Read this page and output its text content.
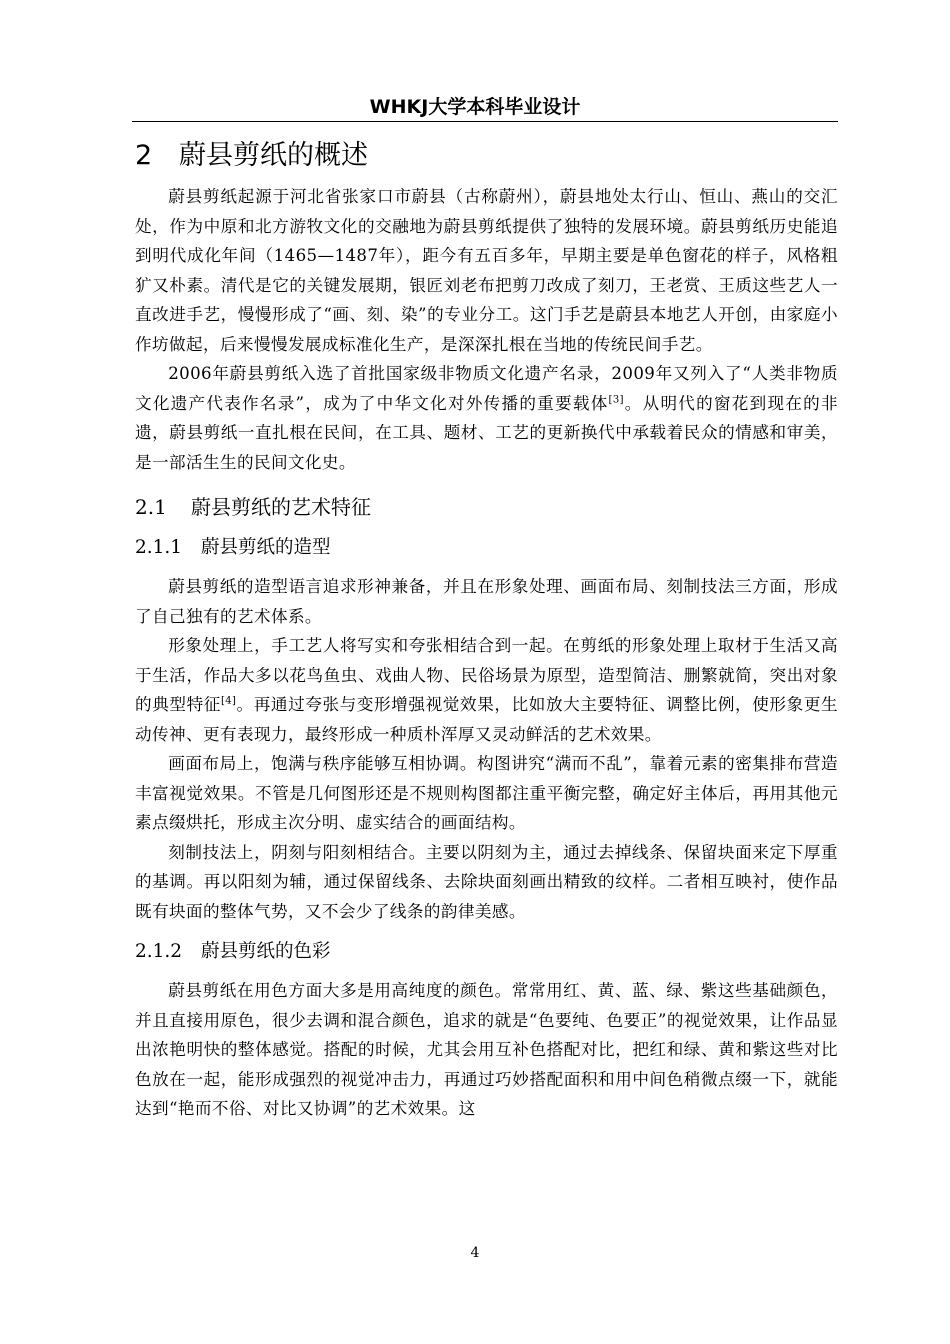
WHKJ大学本科毕业设计
2 蔚县剪纸的概述

蔚县剪纸起源于河北省张家口市蔚县（古称蔚州），蔚县地处太行山、恒山、燕山的交汇处，作为中原和北方游牧文化的交融地为蔚县剪纸提供了独特的发展环境。蔚县剪纸历史能追到明代成化年间（1465—1487年），距今有五百多年，早期主要是单色窗花的样子，风格粗犷又朴素。清代是它的关键发展期，银匠刘老布把剪刀改成了刻刀，王老赏、王质这些艺人一直改进手艺，慢慢形成了“画、刻、染”的专业分工。这门手艺是蔚县本地艺人开创，由家庭小作坊做起，后来慢慢发展成标准化生产，是深深扎根在当地的传统民间手艺。

2006年蔚县剪纸入选了首批国家级非物质文化遗产名录，2009年又列入了“人类非物质文化遗产代表作名录”，成为了中华文化对外传播的重要载体[3]。从明代的窗花到现在的非遗，蔚县剪纸一直扎根在民间，在工具、题材、工艺的更新换代中承载着民众的情感和审美，是一部活生生的民间文化史。

2.1 蔚县剪纸的艺术特征
2.1.1 蔚县剪纸的造型

蔚县剪纸的造型语言追求形神兼备，并且在形象处理、画面布局、刻制技法三方面，形成了自己独有的艺术体系。

形象处理上，手工艺人将写实和夸张相结合到一起。在剪纸的形象处理上取材于生活又高于生活，作品大多以花鸟鱼虫、戏曲人物、民俗场景为原型，造型简洁、删繁就简，突出对象的典型特征[4]。再通过夸张与变形增强视觉效果，比如放大主要特征、调整比例，使形象更生动传神、更有表现力，最终形成一种质朴浑厚又灵动鲜活的艺术效果。

画面布局上，饱满与秩序能够互相协调。构图讲究“满而不乱”，靠着元素的密集排布营造丰富视觉效果。不管是几何图形还是不规则构图都注重平衡完整，确定好主体后，再用其他元素点缀烘托，形成主次分明、虚实结合的画面结构。

刻制技法上，阴刻与阳刻相结合。主要以阴刻为主，通过去掉线条、保留块面来定下厚重的基调。再以阳刻为辅，通过保留线条、去除块面刻画出精致的纹样。二者相互映衬，使作品既有块面的整体气势，又不会少了线条的韵律美感。

2.1.2 蔚县剪纸的色彩

蔚县剪纸在用色方面大多是用高纯度的颜色。常常用红、黄、蓝、绿、紫这些基础颜色，并且直接用原色，很少去调和混合颜色，追求的就是“色要纯、色要正”的视觉效果，让作品显出浓艳明快的整体感觉。搭配的时候，尤其会用互补色搭配对比，把红和绿、黄和紫这些对比色放在一起，能形成强烈的视觉冲击力，再通过巧妙搭配面积和用中间色稍微点缀一下，就能达到“艳而不俗、对比又协调”的艺术效果。这

4
